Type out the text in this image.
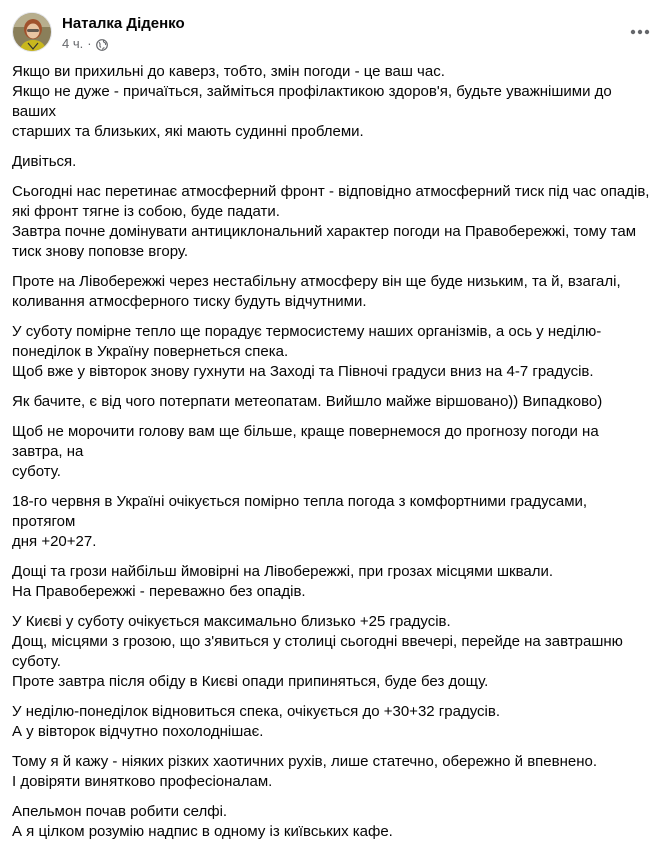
Наталка Діденко
4 ч. ·

Якщо ви прихильні до каверз, тобто, змін погоди - це ваш час.
Якщо не дуже - причаїться, займіться профілактикою здоров'я, будьте уважнішими до ваших
старших та близьких, які мають судинні проблеми.

Дивіться.

Сьогодні нас перетинає атмосферний фронт - відповідно атмосферний тиск під час опадів,
які фронт тягне із собою, буде падати.
Завтра почне домінувати антициклональний характер погоди на Правобережжі, тому там
тиск знову поповзе вгору.

Проте на Лівобережжі через нестабільну атмосферу він ще буде низьким, та й, взагалі,
коливання атмосферного тиску будуть відчутними.

У суботу помірне тепло ще порадує термосистему наших організмів, а ось у неділю-
понеділок в Україну повернеться спека.
Щоб вже у вівторок знову гухнути на Заході та Півночі градуси вниз на 4-7 градусів.

Як бачите, є від чого потерпати метеопатам. Вийшло майже віршовано)) Випадково)

Щоб не морочити голову вам ще більше, краще повернемося до прогнозу погоди на завтра, на
суботу.

18-го червня в Україні очікується помірно тепла погода з комфортними градусами, протягом
дня +20+27.

Дощі та грози найбільш ймовірні на Лівобережжі, при грозах місцями шквали.
На Правобережжі - переважно без опадів.

У Києві у суботу очікується максимально близько +25 градусів.
Дощ, місцями з грозою, що з'явиться у столиці сьогодні ввечері, перейде на завтрашню
суботу.
Проте завтра після обіду в Києві опади припиняться, буде без дощу.

У неділю-понеділок відновиться спека, очікується до +30+32 градусів.
А у вівторок відчутно похолоднішає.

Тому я й кажу - ніяких різких хаотичних рухів, лише статечно, обережно й впевнено.
І довіряти винятково професіоналам.

Апельмон почав робити селфі.
А я цілком розумію надпис в одному із київських кафе.
